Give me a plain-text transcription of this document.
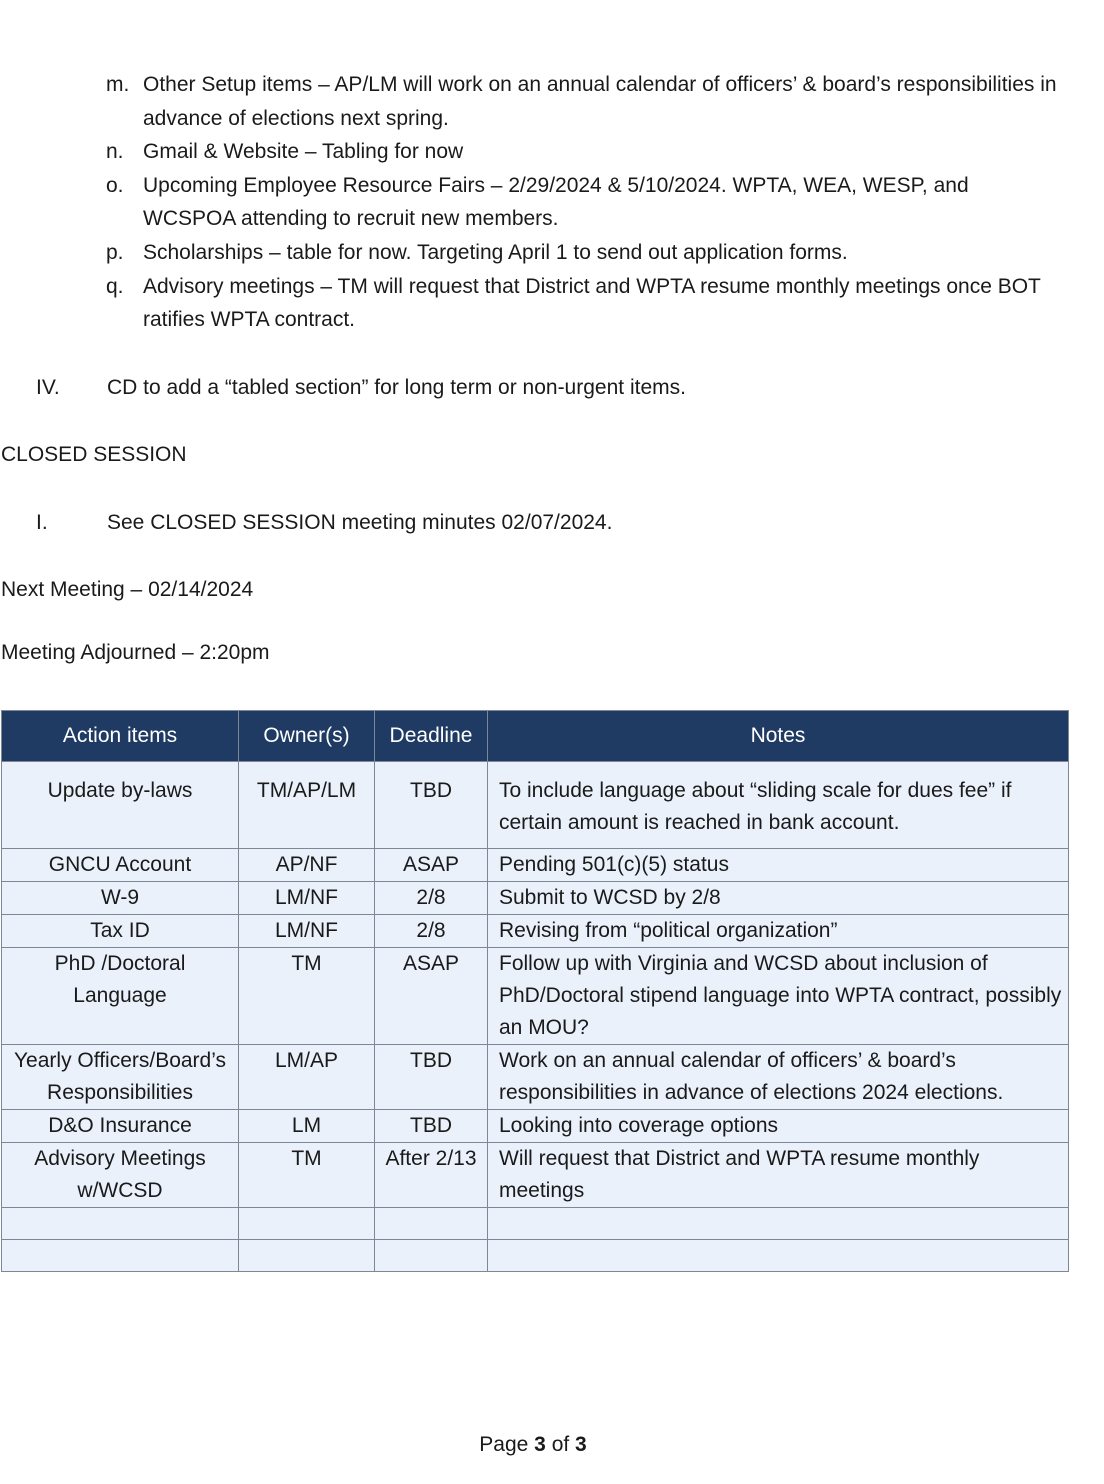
m. Other Setup items – AP/LM will work on an annual calendar of officers’ & board’s responsibilities in advance of elections next spring.
n. Gmail & Website – Tabling for now
o. Upcoming Employee Resource Fairs – 2/29/2024 & 5/10/2024. WPTA, WEA, WESP, and WCSPOA attending to recruit new members.
p. Scholarships – table for now. Targeting April 1 to send out application forms.
q. Advisory meetings – TM will request that District and WPTA resume monthly meetings once BOT ratifies WPTA contract.
IV. CD to add a “tabled section” for long term or non-urgent items.
CLOSED SESSION
I.	See CLOSED SESSION meeting minutes 02/07/2024.
Next Meeting – 02/14/2024
Meeting Adjourned – 2:20pm
Action items	Owner(s)	Deadline	Notes
Update by-laws	TM/AP/LM	TBD	To include language about “sliding scale for dues fee” if certain amount is reached in bank account.
GNCU Account	AP/NF	ASAP	Pending 501(c)(5) status
W-9	LM/NF	2/8	Submit to WCSD by 2/8
Tax ID	LM/NF	2/8	Revising from “political organization”
PhD /Doctoral Language	TM	ASAP	Follow up with Virginia and WCSD about inclusion of PhD/Doctoral stipend language into WPTA contract, possibly an MOU?
Yearly Officers/Board’s Responsibilities	LM/AP	TBD	Work on an annual calendar of officers’ & board’s responsibilities in advance of elections 2024 elections.
D&O Insurance	LM	TBD	Looking into coverage options
Advisory Meetings w/WCSD	TM	After 2/13	Will request that District and WPTA resume monthly meetings

Page 3 of 3
